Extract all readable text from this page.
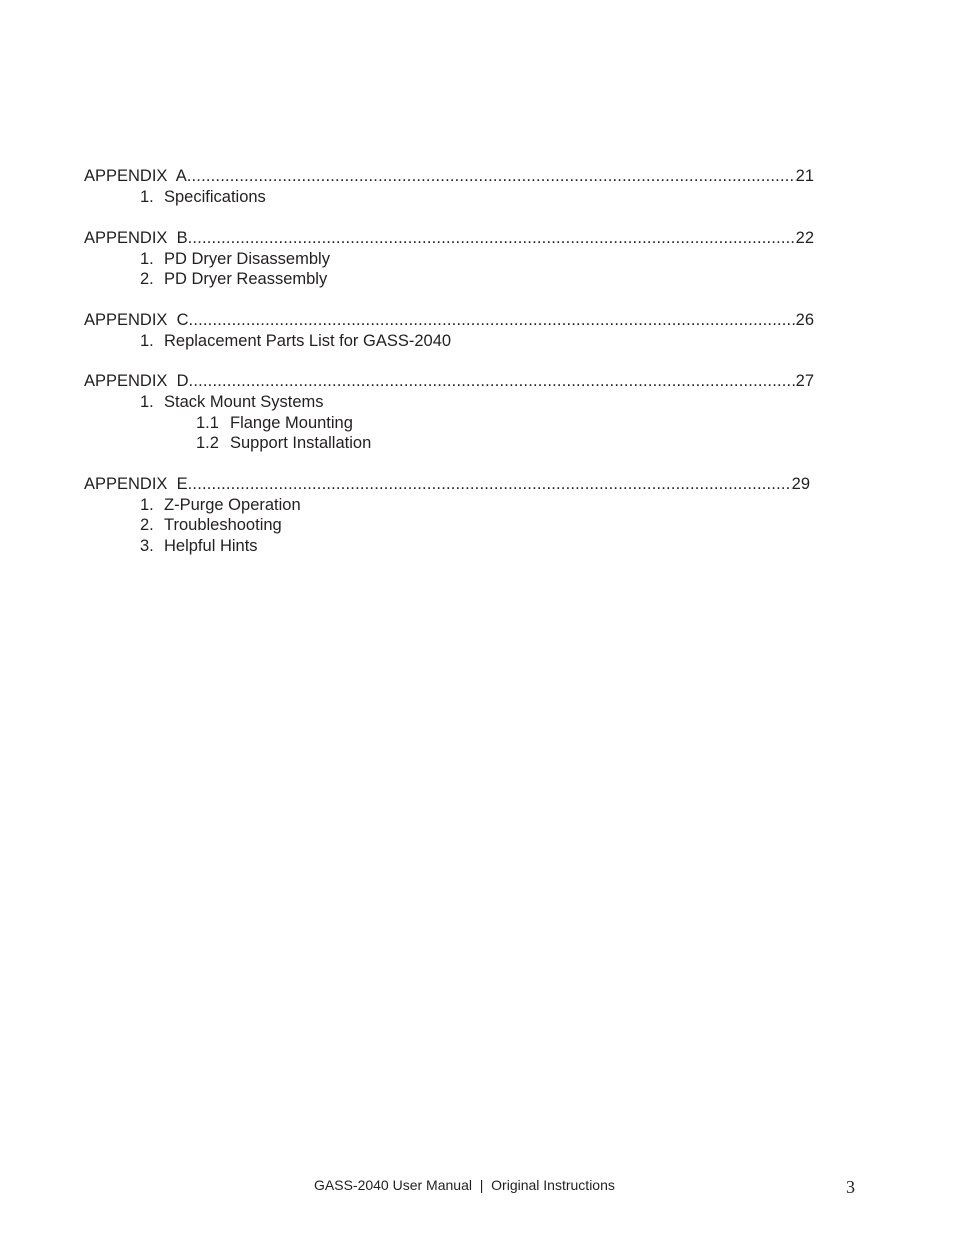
APPENDIX  A .....	21
1. Specifications
APPENDIX  B .....	22
1. PD Dryer Disassembly
2. PD Dryer Reassembly
APPENDIX  C .....	26
1. Replacement Parts List for GASS-2040
APPENDIX  D .....	27
1. Stack Mount Systems
1.1 Flange Mounting
1.2 Support Installation
APPENDIX  E .....	29
1. Z-Purge Operation
2. Troubleshooting
3. Helpful Hints
GASS-2040 User Manual  |  Original Instructions	3
